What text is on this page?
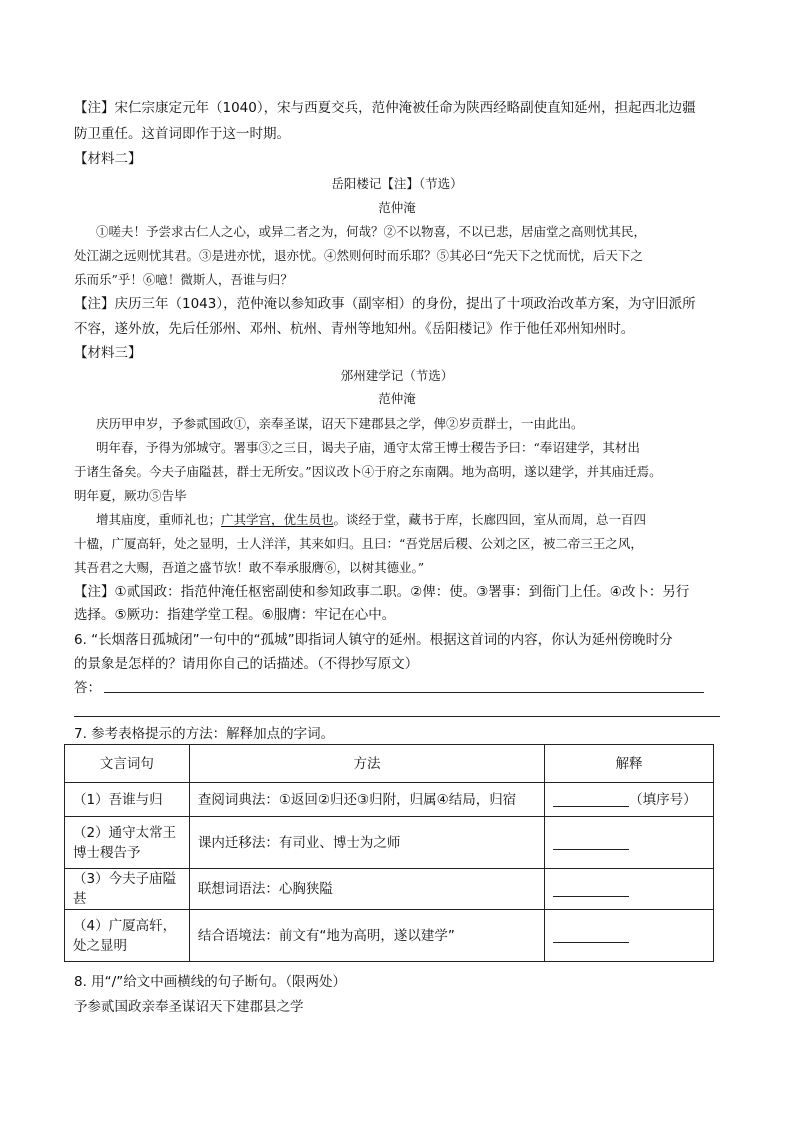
【注】宋仁宗康定元年（1040），宋与西夏交兵，范仲淹被任命为陕西经略副使直知延州，担起西北边疆
防卫重任。这首词即作于这一时期。
【材料二】
岳阳楼记【注】（节选）
范仲淹
①嗟夫！予尝求古仁人之心，或异二者之为，何哉？②不以物喜，不以已悲，居庙堂之高则忧其民，
处江湖之远则忧其君。③是进亦忧，退亦忧。④然则何时而乐耶？⑤其必曰“先天下之忧而忧，后天下之
乐而乐”乎！⑥噫！微斯人，吾谁与归？
【注】庆历三年（1043），范仲淹以参知政事（副宰相）的身份，提出了十项政治改革方案，为守旧派所
不容，遂外放，先后任邠州、邓州、杭州、青州等地知州。《岳阳楼记》作于他任邓州知州时。
【材料三】
邠州建学记（节选）
范仲淹
庆历甲申岁，予参贰国政①，亲奉圣谋，诏天下建郡县之学，俾②岁贡群士，一由此出。
明年春，予得为邠城守。署事③之三日，谒夫子庙，通守太常王博士稷告予曰：“奉诏建学，其材出
于诸生备矣。今夫子庙隘甚，群士无所安。”因议改卜④于府之东南隅。地为高明，遂以建学，并其庙迁焉。
明年夏，厥功⑤告毕
增其庙度，重师礼也；广其学宫，优生员也。谈经于堂，藏书于库，长廊四回，室从而周，总一百四
十楹，广厦高轩，处之显明，士人洋洋，其来如归。且曰：“吾党居后稷、公刘之区，被二帝三王之风，
其吾君之大赐，吾道之盛节欤！敢不奉承服膺⑥，以树其德业。”
【注】①贰国政：指范仲淹任枢密副使和参知政事二职。②俾：使。③署事：到衙门上任。④改卜：另行
选择。⑤厥功：指建学堂工程。⑥服膺：牢记在心中。
6. “长烟落日孤城闭”一句中的“孤城”即指词人镇守的延州。根据这首词的内容，你认为延州傍晚时分
的景象是怎样的？请用你自己的话描述。（不得抄写原文）
答：
7. 参考表格提示的方法：解释加点的字词。
文言词句	方法	解释
（1）吾谁与归	查阅词典法：①返回②归还③归附，归属④结局，归宿	（填序号）
（2）通守太常王博士稷告予	课内迁移法：有司业、博士为之师	
（3）今夫子庙隘甚	联想词语法：心胸狭隘	
（4）广厦高轩，处之显明	结合语境法：前文有“地为高明，遂以建学”	
8. 用“/”给文中画横线的句子断句。（限两处）
予参贰国政亲奉圣谋诏天下建郡县之学
